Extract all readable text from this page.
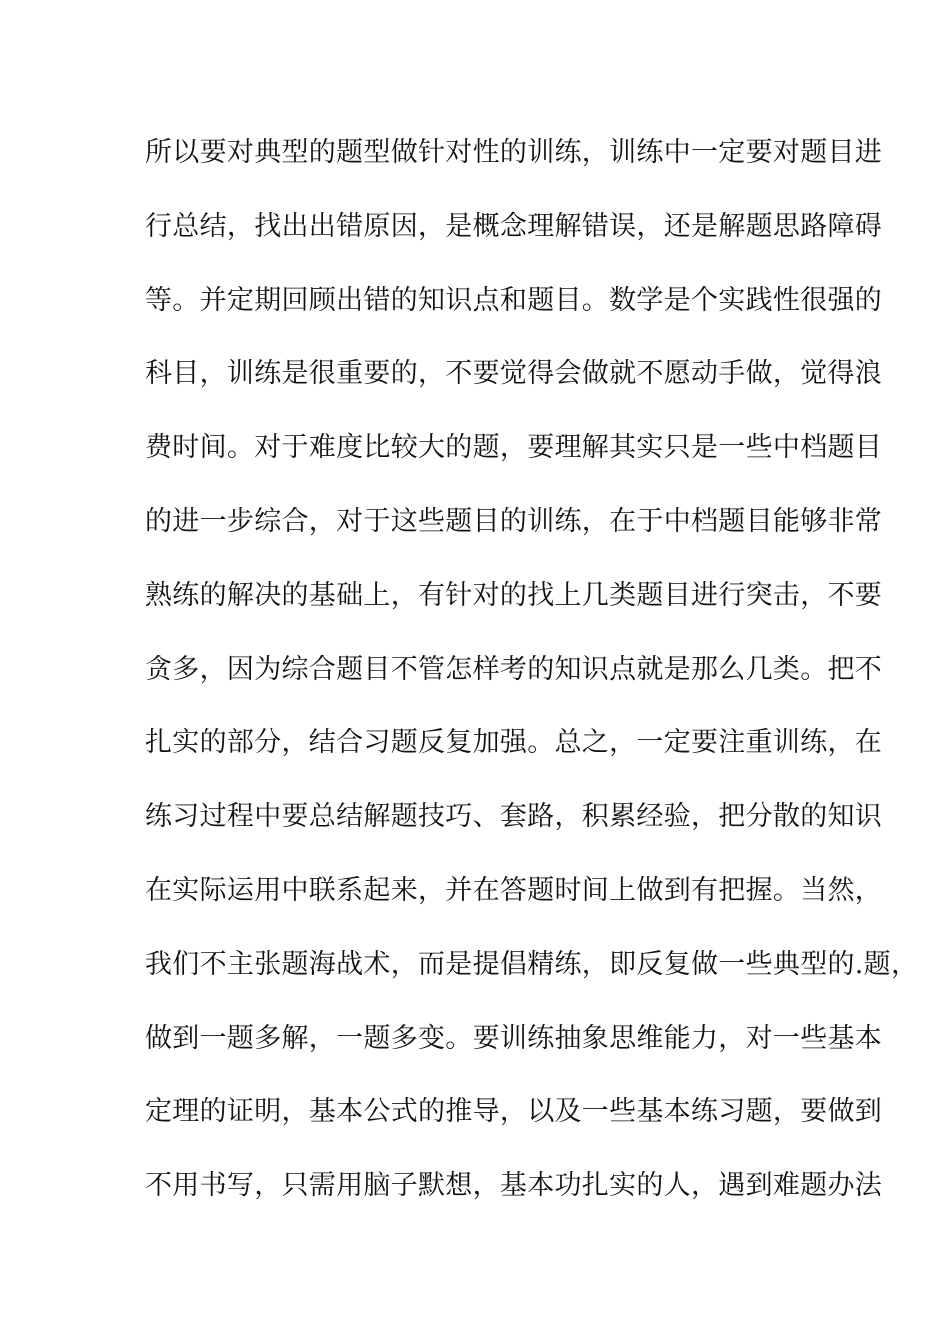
所以要对典型的题型做针对性的训练，训练中一定要对题目进
行总结，找出出错原因，是概念理解错误，还是解题思路障碍
等。并定期回顾出错的知识点和题目。数学是个实践性很强的
科目，训练是很重要的，不要觉得会做就不愿动手做，觉得浪
费时间。对于难度比较大的题，要理解其实只是一些中档题目
的进一步综合，对于这些题目的训练，在于中档题目能够非常
熟练的解决的基础上，有针对的找上几类题目进行突击，不要
贪多，因为综合题目不管怎样考的知识点就是那么几类。把不
扎实的部分，结合习题反复加强。总之，一定要注重训练，在
练习过程中要总结解题技巧、套路，积累经验，把分散的知识
在实际运用中联系起来，并在答题时间上做到有把握。当然，
我们不主张题海战术，而是提倡精练，即反复做一些典型的.题，
做到一题多解，一题多变。要训练抽象思维能力，对一些基本
定理的证明，基本公式的推导，以及一些基本练习题，要做到
不用书写，只需用脑子默想，基本功扎实的人，遇到难题办法
